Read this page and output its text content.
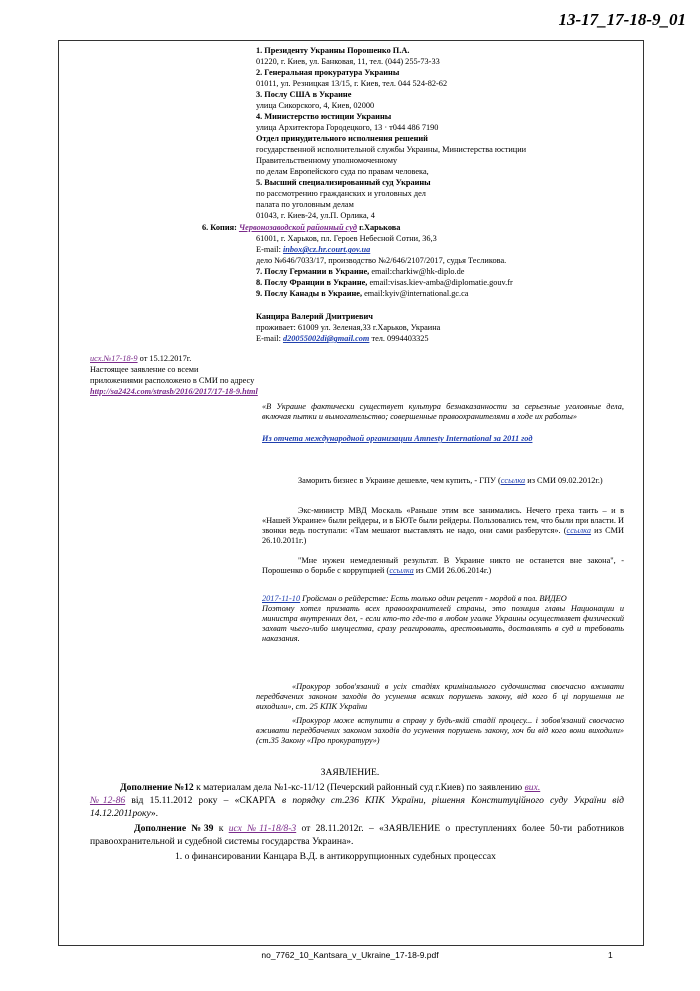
13-17_17-18-9_01
1. Президенту Украины Порошенко П.А.
01220, г. Киев, ул. Банковая, 11, тел. (044) 255-73-33
2. Генеральная прокуратура Украины
01011, ул. Резницкая 13/15, г. Киев, тел. 044 524-82-62
3. Послу США в Украине
улица Сикорского, 4, Киев, 02000
4. Министерство юстиции Украины
улица Архитектора Городецкого, 13 · т044 486 7190
Отдел принудительного исполнения решений
государственной исполнительной службы Украины, Министерства юстиции
Правительственному уполномоченному
по делам Европейского суда по правам человека,
5. Высший специализированный суд Украины
по рассмотрению гражданских и уголовных дел
палата по уголовным делам
01043, г. Киев-24, ул.П. Орлика, 4
6. Копия: Червонозаводской районный суд г.Харькова
61001, г. Харьков, пл. Героев Небесной Сотни, 36,3
E-mail: inbox@cz.hr.court.gov.ua
дело №646/7033/17, производство №2/646/2107/2017, судья Тесликова.
7. Послу Германии в Украине, email:charkiw@hk-diplo.de
8. Послу Франции в Украине, email:visas.kiev-amba@diplomatie.gouv.fr
9. Послу Канады в Украине, email:kyiv@international.gc.ca
Канцира Валерий Дмитриевич
проживает: 61009 ул. Зеленая,33 г.Харьков, Украина
E-mail: d20055002di@gmail.com тел. 0994403325
исх.№17-18-9 от 15.12.2017г.
Настоящее заявление со всеми
приложениями расположено в СМИ по адресу
http://sa2424.com/strasb/2016/2017/17-18-9.html
«В Украине фактически существует культура безнаказанности за серьезные уголовные дела, включая пытки и вымогательство; совершенные правоохранителями в ходе их работы»
Из отчета международной организации Amnesty International за 2011 год
Заморить бизнес в Украине дешевле, чем купить, - ГПУ (ссылка из СМИ 09.02.2012г.)
Экс-министр МВД Москаль «Раньше этим все занимались. Нечего греха таить – и в «Нашей Украине» были рейдеры, и в БЮТе были рейдеры. Пользовались тем, что были при власти. И звонки ведь поступали: «Там мешают выставлять не надо, они сами разберутся». (ссылка из СМИ 26.10.2011г.)
"Мне нужен немедленный результат. В Украине никто не останется вне закона", - Порошенко о борьбе с коррупцией (ссылка из СМИ 26.06.2014г.)
2017-11-10 Гройсман о рейдерстве: Есть только один рецепт - мордой в пол. ВИДЕО
Поэтому хотел призвать всех правоохранителей страны, это позиция главы Национации и министра внутренних дел, - если кто-то где-то в любом уголке Украины осуществляет физический захват чьего-либо имущества, сразу реагировать, арестовывать, доставлять в суд и требовать наказания.
«Прокурор зобов'язаний в усіх стадіях кримінального судочинства своєчасно вживати передбачених законом заходів до усунення всяких порушень закону, від кого б ці порушення не виходили», ст. 25 КПК України
«Прокурор може вступити в справу у будь-якій стадії процесу... і зобов'язаний своєчасно вживати передбачених законом заходів до усунення порушень закону, хоч би від кого вони виходили» (ст.35 Закону «Про прокуратуру»)
ЗАЯВЛЕНИЕ.
Дополнение №12 к материалам дела №1-кс-11/12 (Печерский районный суд г.Киев) по заявлению вих.
№12-86 від 15.11.2012 року – «СКАРГА в порядку ст.236 КПК України, рішення Конституційного суду України від 14.12.2011року».
Дополнение №39 к исх №11-18/8-3 от 28.11.2012г. – «ЗАЯВЛЕНИЕ о преступлениях более 50-ти работников правоохранительной и судебной системы государства Украина».
1. о финансировании Канцара В.Д. в антикоррупционных судебных процессах
no_7762_10_Kantsara_v_Ukraine_17-18-9.pdf	1
